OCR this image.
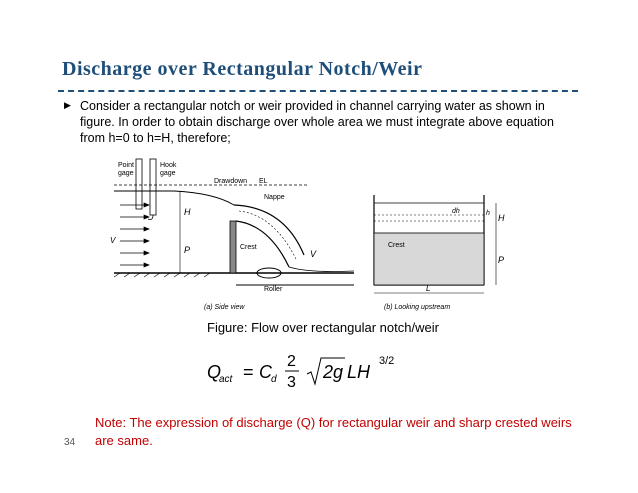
Discharge over Rectangular Notch/Weir
▶ Consider a rectangular notch or weir provided in channel carrying water as shown in figure. In order to obtain discharge over whole area we must integrate above equation from h=0 to h=H, therefore;
Point
gage
Hook
gage
Drawdown EL
Nappe
Crest
Roller
H
P	V
V
(a) Side view
dh	h H
P
Crest
L
(b) Looking upstream
Figure: Flow over rectangular notch/weir
Q
act = C d
2
3
2g LH
3/2
Note: The expression of discharge (Q) for rectangular weir and sharp crested weirs are same.
34
